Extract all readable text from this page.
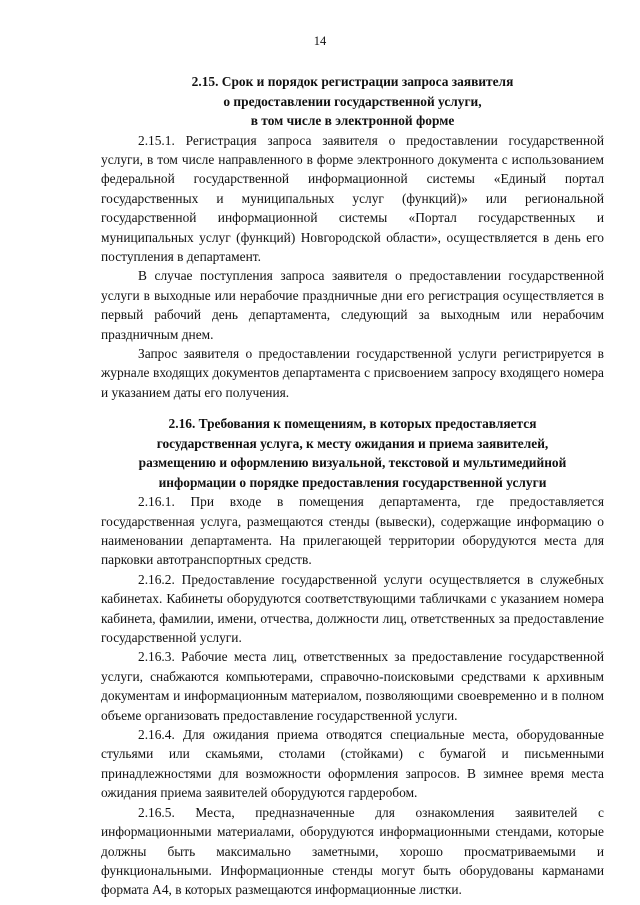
14
2.15. Срок и порядок регистрации запроса заявителя
о предоставлении государственной услуги,
в том числе в электронной форме

2.15.1. Регистрация запроса заявителя о предоставлении государственной услуги, в том числе направленного в форме электронного документа с использованием федеральной государственной информационной системы «Единый портал государственных и муниципальных услуг (функций)» или региональной государственной информационной системы «Портал государственных и муниципальных услуг (функций) Новгородской области», осуществляется в день его поступления в департамент.

В случае поступления запроса заявителя о предоставлении государственной услуги в выходные или нерабочие праздничные дни его регистрация осуществляется в первый рабочий день департамента, следующий за выходным или нерабочим праздничным днем.

Запрос заявителя о предоставлении государственной услуги регистрируется в журнале входящих документов департамента с присвоением запросу входящего номера и указанием даты его получения.

2.16. Требования к помещениям, в которых предоставляется
государственная услуга, к месту ожидания и приема заявителей,
размещению и оформлению визуальной, текстовой и мультимедийной
информации о порядке предоставления государственной услуги

2.16.1. При входе в помещения департамента, где предоставляется государственная услуга, размещаются стенды (вывески), содержащие информацию о наименовании департамента. На прилегающей территории оборудуются места для парковки автотранспортных средств.

2.16.2. Предоставление государственной услуги осуществляется в служебных кабинетах. Кабинеты оборудуются соответствующими табличками с указанием номера кабинета, фамилии, имени, отчества, должности лиц, ответственных за предоставление государственной услуги.

2.16.3. Рабочие места лиц, ответственных за предоставление государственной услуги, снабжаются компьютерами, справочно-поисковыми средствами к архивным документам и информационным материалом, позволяющими своевременно и в полном объеме организовать предоставление государственной услуги.

2.16.4. Для ожидания приема отводятся специальные места, оборудованные стульями или скамьями, столами (стойками) с бумагой и письменными принадлежностями для возможности оформления запросов. В зимнее время места ожидания приема заявителей оборудуются гардеробом.

2.16.5. Места, предназначенные для ознакомления заявителей с информационными материалами, оборудуются информационными стендами, которые должны быть максимально заметными, хорошо просматриваемыми и функциональными. Информационные стенды могут быть оборудованы карманами формата А4, в которых размещаются информационные листки.
